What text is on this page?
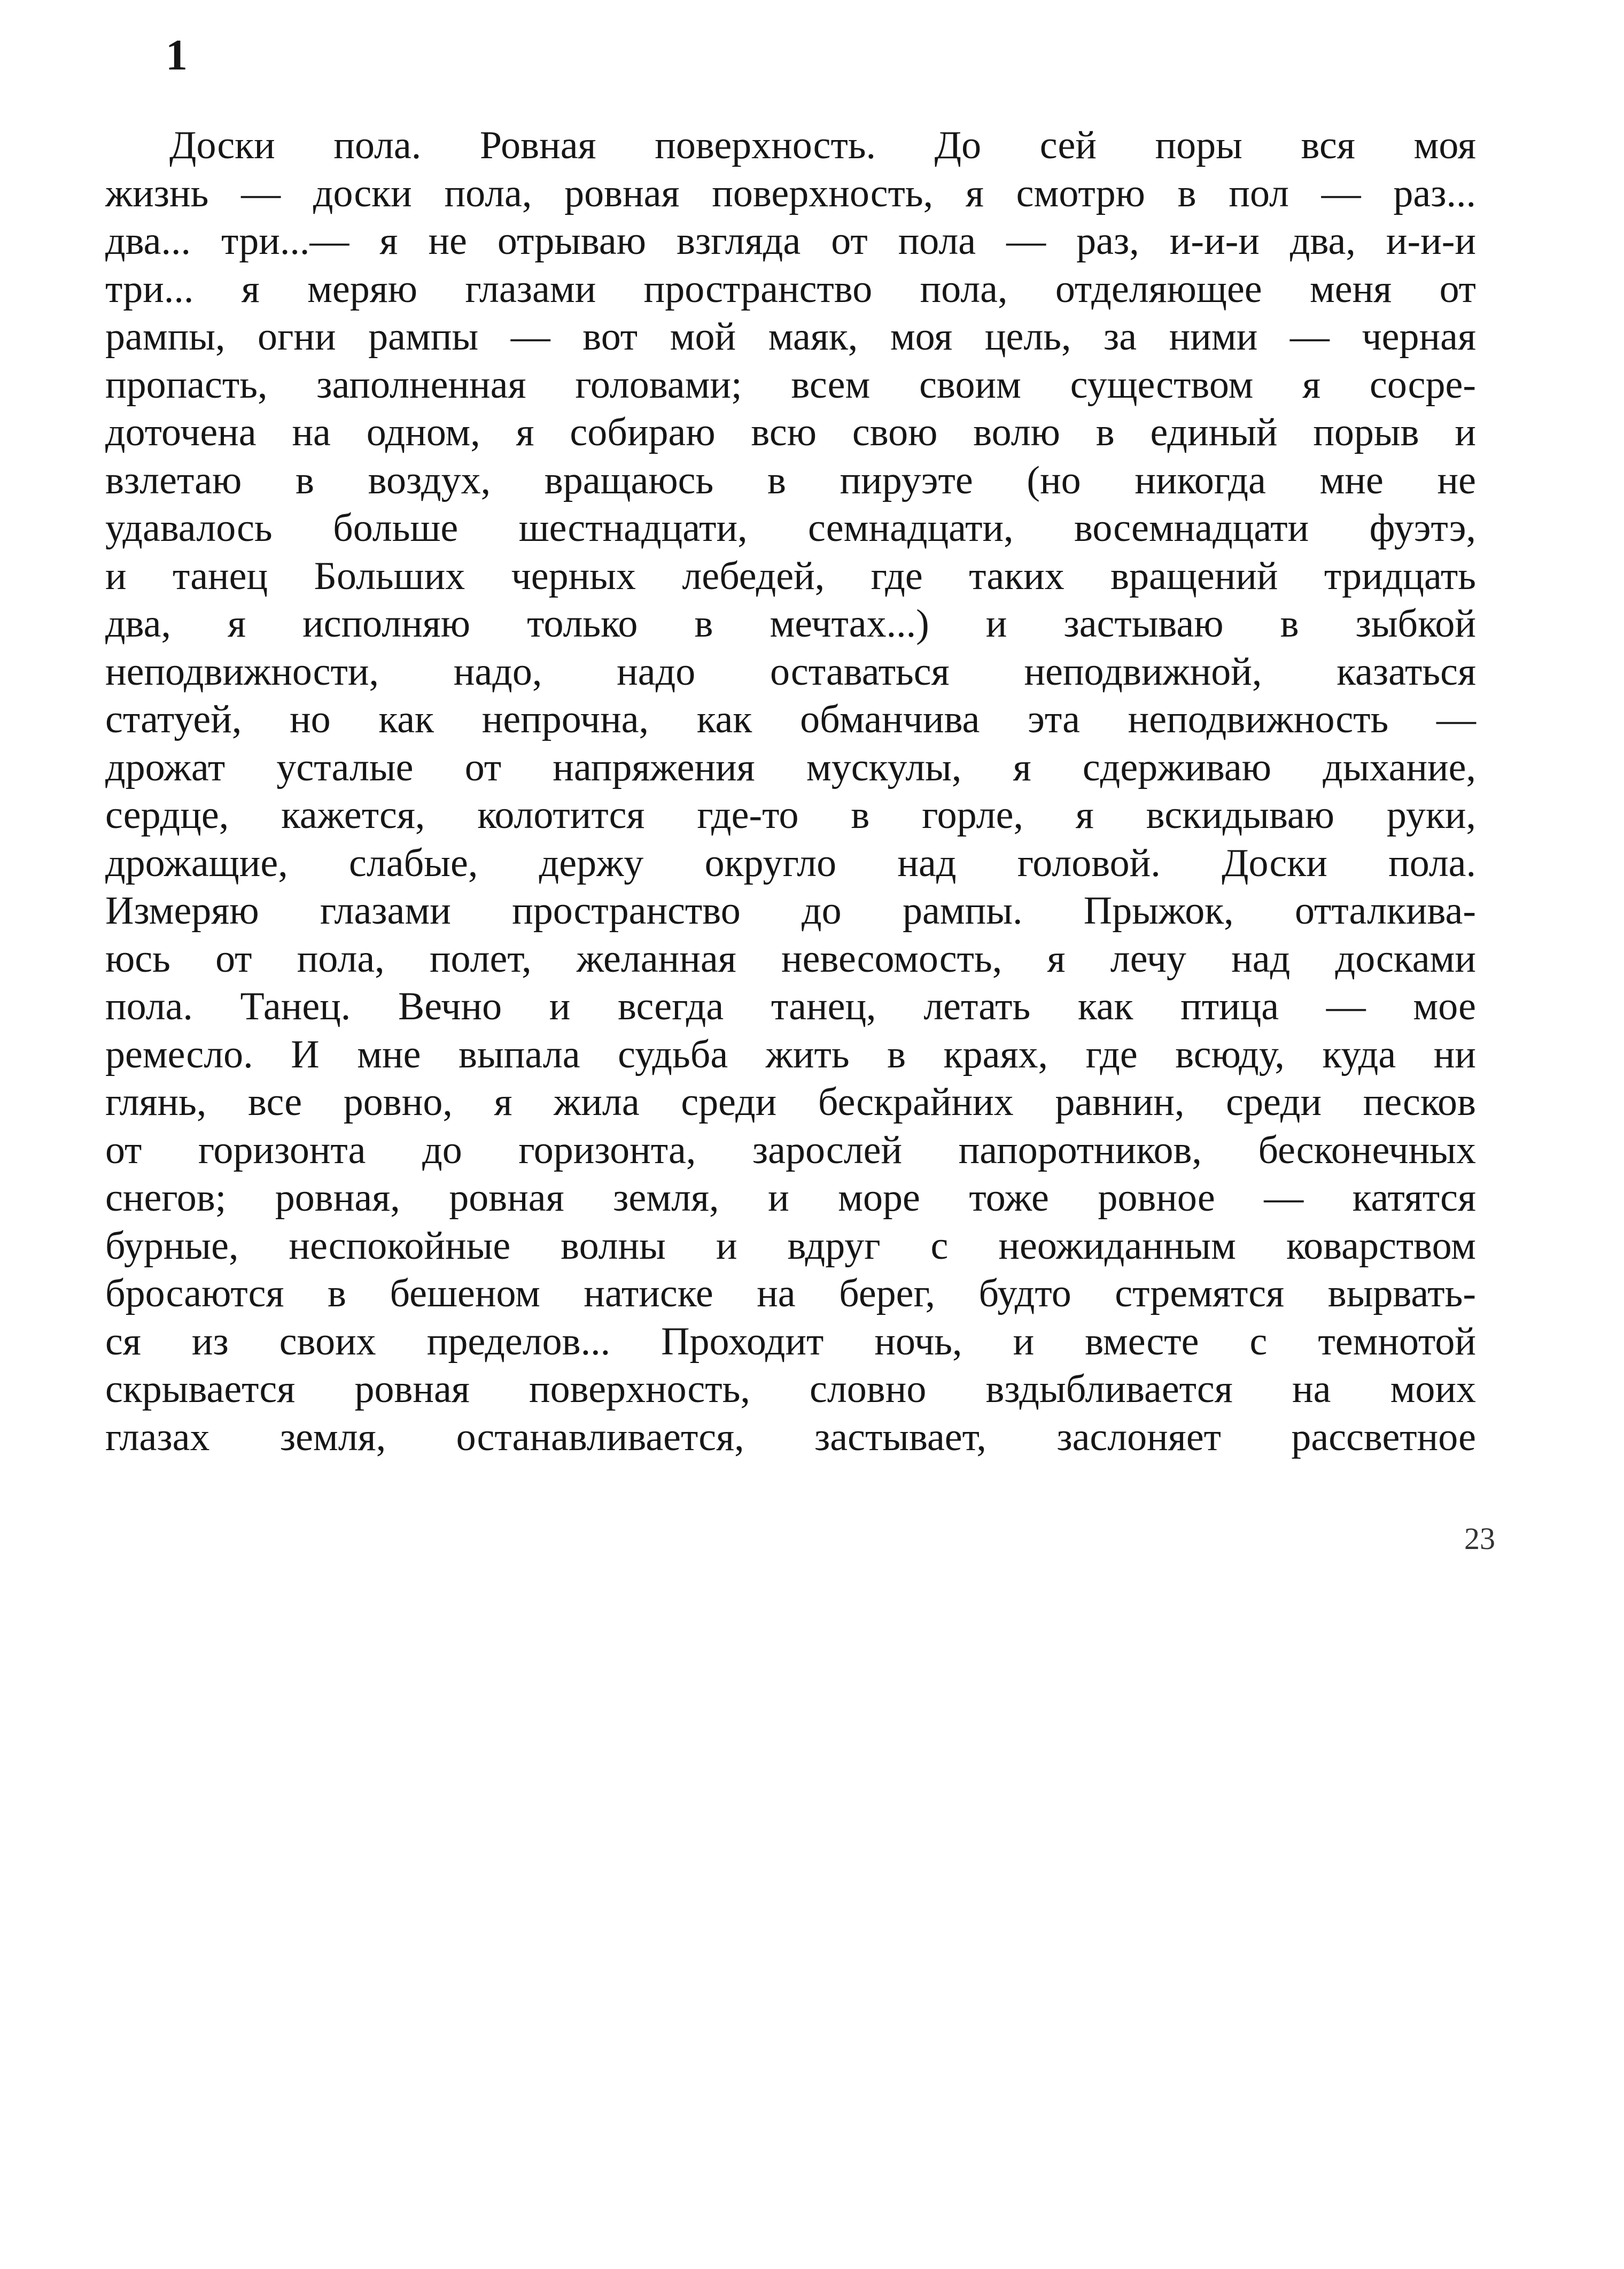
1
Доски пола. Ровная поверхность. До сей поры вся моя
жизнь — доски пола, ровная поверхность, я смотрю в пол — раз...
два... три...— я не отрываю взгляда от пола — раз, и-и-и два, и-и-и
три... я меряю глазами пространство пола, отделяющее меня от
рампы, огни рампы — вот мой маяк, моя цель, за ними — черная
пропасть, заполненная головами; всем своим существом я сосре-
доточена на одном, я собираю всю свою волю в единый порыв и
взлетаю в воздух, вращаюсь в пируэте (но никогда мне не
удавалось больше шестнадцати, семнадцати, восемнадцати фуэтэ,
и танец Больших черных лебедей, где таких вращений тридцать
два, я исполняю только в мечтах...) и застываю в зыбкой
неподвижности, надо, надо оставаться неподвижной, казаться
статуей, но как непрочна, как обманчива эта неподвижность —
дрожат усталые от напряжения мускулы, я сдерживаю дыхание,
сердце, кажется, колотится где-то в горле, я вскидываю руки,
дрожащие, слабые, держу округло над головой. Доски пола.
Измеряю глазами пространство до рампы. Прыжок, отталкива-
юсь от пола, полет, желанная невесомость, я лечу над досками
пола. Танец. Вечно и всегда танец, летать как птица — мое
ремесло. И мне выпала судьба жить в краях, где всюду, куда ни
глянь, все ровно, я жила среди бескрайних равнин, среди песков
от горизонта до горизонта, зарослей папоротников, бесконечных
снегов; ровная, ровная земля, и море тоже ровное — катятся
бурные, неспокойные волны и вдруг с неожиданным коварством
бросаются в бешеном натиске на берег, будто стремятся вырвать-
ся из своих пределов... Проходит ночь, и вместе с темнотой
скрывается ровная поверхность, словно вздыбливается на моих
глазах земля, останавливается, застывает, заслоняет рассветное
23
